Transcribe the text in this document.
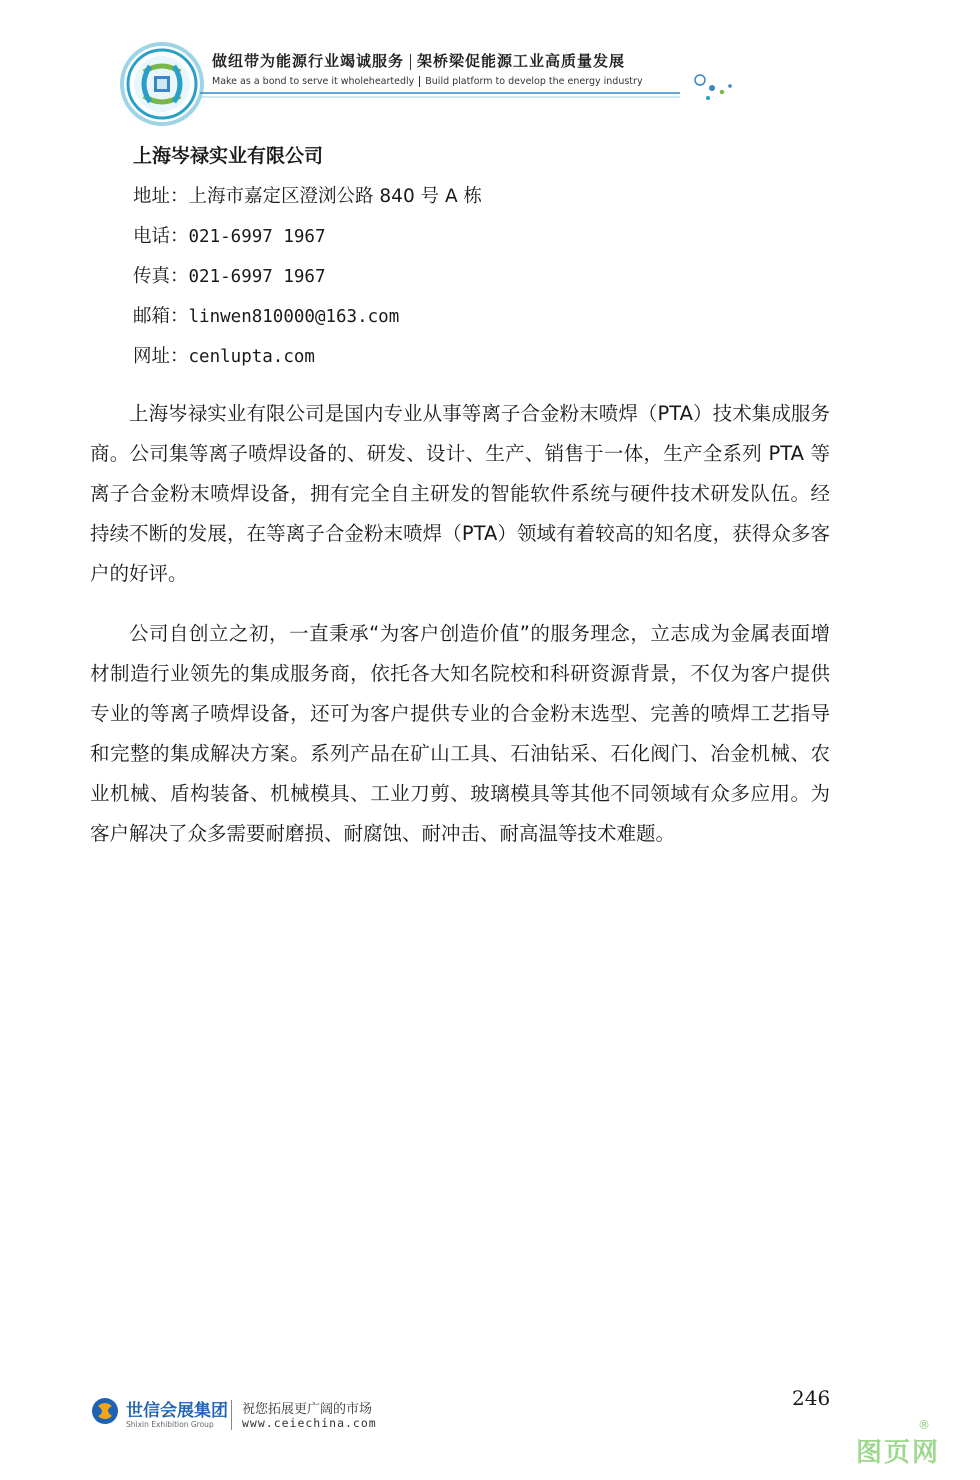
做纽带为能源行业竭诚服务 架桥梁促能源工业高质量发展
Make as a bond to serve it wholeheartedly Build platform to develop the energy industry
上海岑禄实业有限公司
地址：上海市嘉定区澄浏公路 840 号 A 栋
电话：021-6997 1967
传真：021-6997 1967
邮箱：linwen810000@163.com
网址：cenlupta.com

上海岑禄实业有限公司是国内专业从事等离子合金粉末喷焊（PTA）技术集成服务商。公司集等离子喷焊设备的、研发、设计、生产、销售于一体，生产全系列 PTA 等离子合金粉末喷焊设备，拥有完全自主研发的智能软件系统与硬件技术研发队伍。经持续不断的发展，在等离子合金粉末喷焊（PTA）领域有着较高的知名度，获得众多客户的好评。

公司自创立之初，一直秉承“为客户创造价值”的服务理念，立志成为金属表面增材制造行业领先的集成服务商，依托各大知名院校和科研资源背景，不仅为客户提供专业的等离子喷焊设备，还可为客户提供专业的合金粉末选型、完善的喷焊工艺指导和完整的集成解决方案。系列产品在矿山工具、石油钻采、石化阀门、冶金机械、农业机械、盾构装备、机械模具、工业刀剪、玻璃模具等其他不同领域有众多应用。为客户解决了众多需要耐磨损、耐腐蚀、耐冲击、耐高温等技术难题。

世信会展集团
Shixin Exhibition Group
祝您拓展更广阔的市场
www.ceiechina.com
246
图页网
®
